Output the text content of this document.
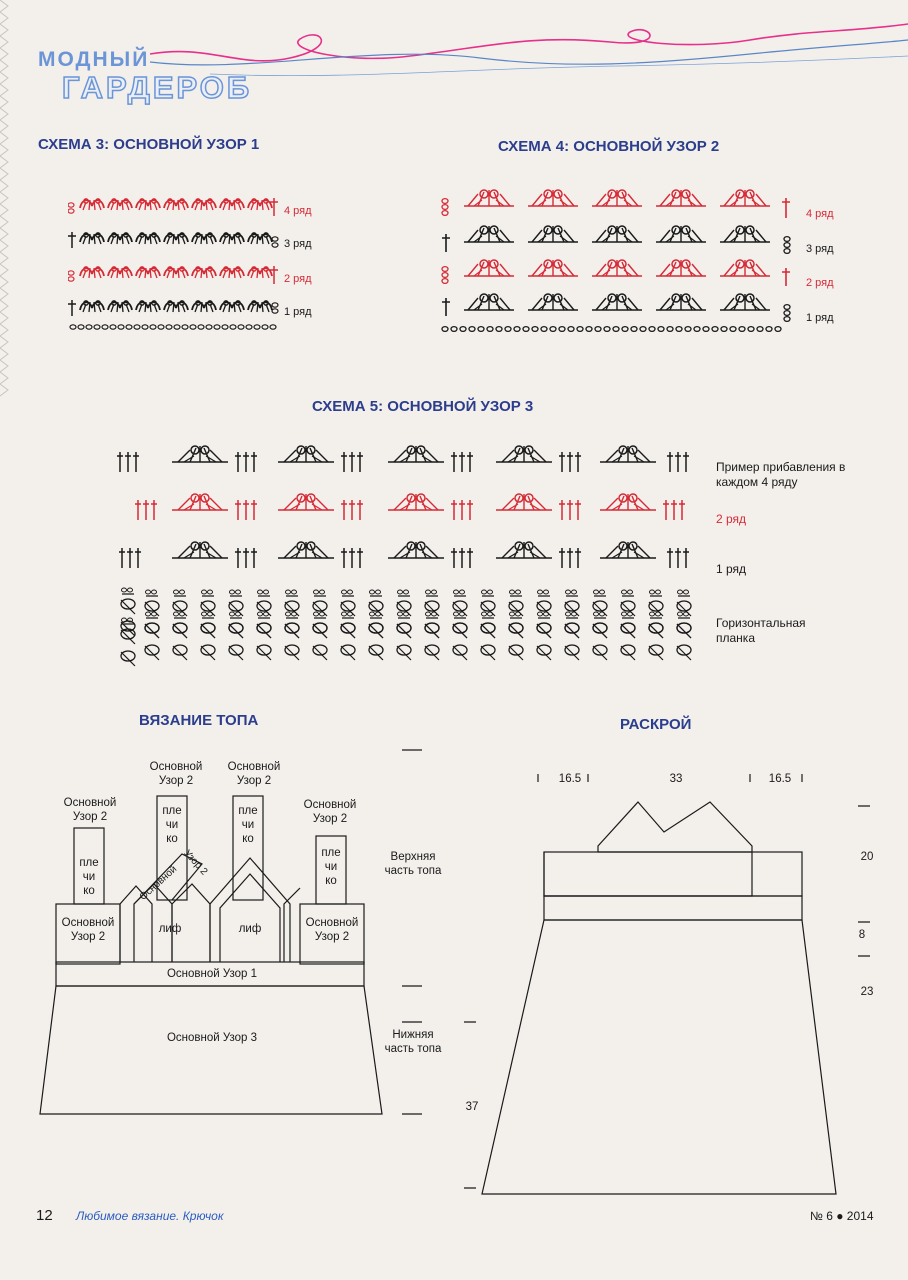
МОДНЫЙ
ГАРДЕРОБ
СХЕМА 3: ОСНОВНОЙ УЗОР 1
4 ряд
3 ряд
2 ряд
1 ряд
СХЕМА 4: ОСНОВНОЙ УЗОР 2
4 ряд
3 ряд
2 ряд
1 ряд
СХЕМА 5: ОСНОВНОЙ УЗОР 3
Пример прибавления в каждом 4 ряду
2 ряд
1 ряд
Горизонтальная планка
ВЯЗАНИЕ ТОПА
Основной
Узор 2
Основной Узор 2
Основной Узор 2
Основной Узор 2
Основной Узор 2
пле чи ко
пле чи ко
пле чи ко
пле чи ко
Основной Узор 2
Основной Узор 2
лиф	лиф
Основной Узор 1
Основной Узор 3
Верхняя часть топа
Нижняя часть топа
РАСКРОЙ
16.5	33	16.5
20
8
23
37
12 Любимое вязание. Крючок	№ 6 ● 2014
